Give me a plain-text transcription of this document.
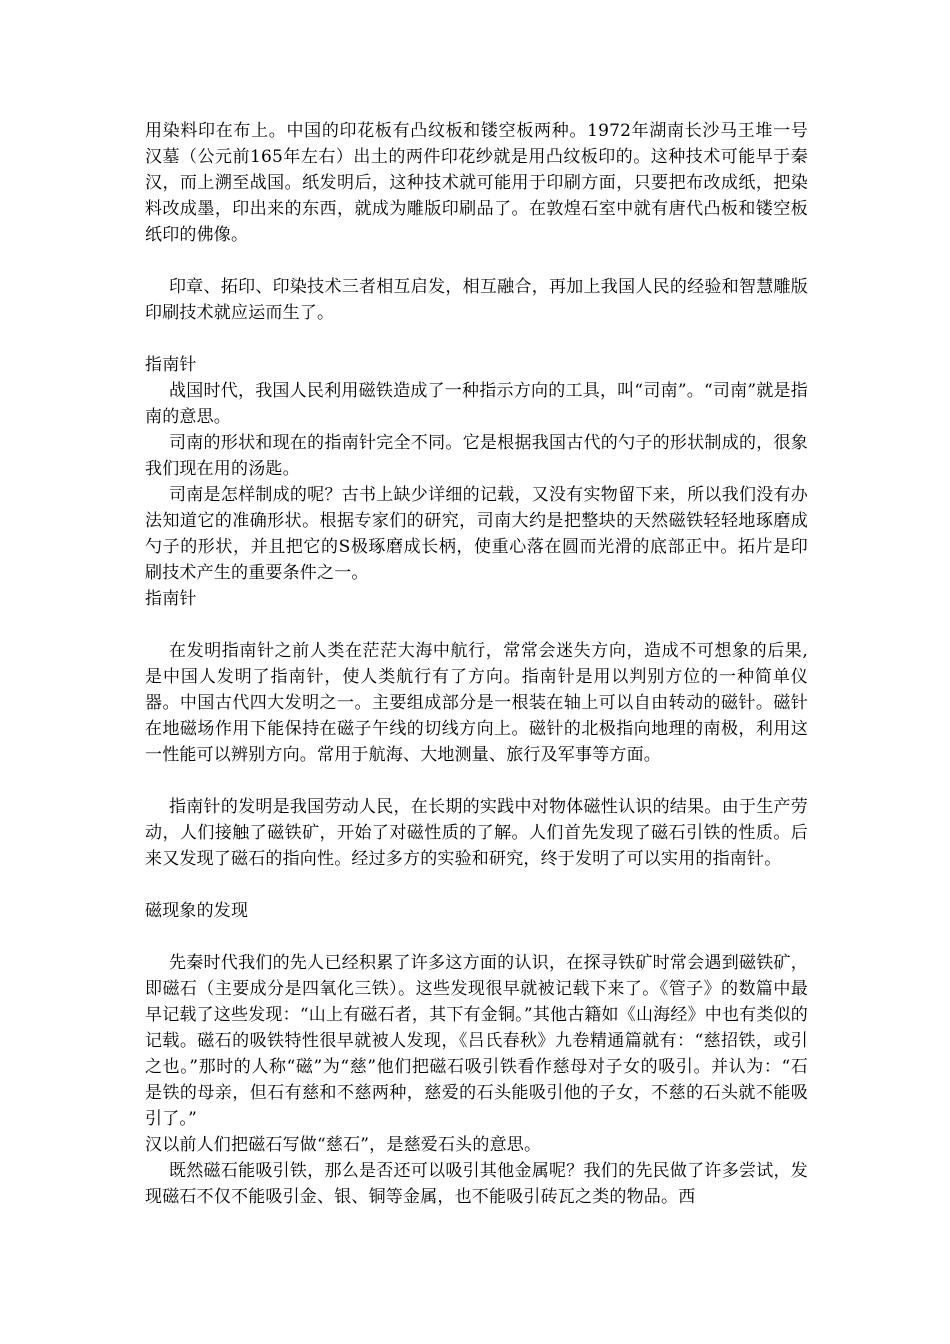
用染料印在布上。中国的印花板有凸纹板和镂空板两种。1972年湖南长沙马王堆一号汉墓（公元前165年左右）出土的两件印花纱就是用凸纹板印的。这种技术可能早于秦汉，而上溯至战国。纸发明后，这种技术就可能用于印刷方面，只要把布改成纸，把染料改成墨，印出来的东西，就成为雕版印刷品了。在敦煌石室中就有唐代凸板和镂空板纸印的佛像。

印章、拓印、印染技术三者相互启发，相互融合，再加上我国人民的经验和智慧雕版印刷技术就应运而生了。

指南针

战国时代，我国人民利用磁铁造成了一种指示方向的工具，叫“司南”。“司南”就是指南的意思。

司南的形状和现在的指南针完全不同。它是根据我国古代的勺子的形状制成的，很象我们现在用的汤匙。

司南是怎样制成的呢？古书上缺少详细的记载，又没有实物留下来，所以我们没有办法知道它的准确形状。根据专家们的研究，司南大约是把整块的天然磁铁轻轻地琢磨成勺子的形状，并且把它的S极琢磨成长柄，使重心落在圆而光滑的底部正中。拓片是印刷技术产生的重要条件之一。

指南针

在发明指南针之前人类在茫茫大海中航行，常常会迷失方向，造成不可想象的后果,是中国人发明了指南针，使人类航行有了方向。指南针是用以判别方位的一种简单仪器。中国古代四大发明之一。主要组成部分是一根装在轴上可以自由转动的磁针。磁针在地磁场作用下能保持在磁子午线的切线方向上。磁针的北极指向地理的南极，利用这一性能可以辨别方向。常用于航海、大地测量、旅行及军事等方面。

指南针的发明是我国劳动人民，在长期的实践中对物体磁性认识的结果。由于生产劳动，人们接触了磁铁矿，开始了对磁性质的了解。人们首先发现了磁石引铁的性质。后来又发现了磁石的指向性。经过多方的实验和研究，终于发明了可以实用的指南针。

磁现象的发现

先秦时代我们的先人已经积累了许多这方面的认识，在探寻铁矿时常会遇到磁铁矿，即磁石（主要成分是四氧化三铁）。这些发现很早就被记载下来了。《管子》的数篇中最早记载了这些发现：“山上有磁石者，其下有金铜。”其他古籍如《山海经》中也有类似的记载。磁石的吸铁特性很早就被人发现，《吕氏春秋》九卷精通篇就有：“慈招铁，或引之也。”那时的人称“磁”为“慈”他们把磁石吸引铁看作慈母对子女的吸引。并认为：“石是铁的母亲，但石有慈和不慈两种，慈爱的石头能吸引他的子女，不慈的石头就不能吸引了。”

汉以前人们把磁石写做“慈石”，是慈爱石头的意思。

既然磁石能吸引铁，那么是否还可以吸引其他金属呢？我们的先民做了许多尝试，发现磁石不仅不能吸引金、银、铜等金属，也不能吸引砖瓦之类的物品。西
